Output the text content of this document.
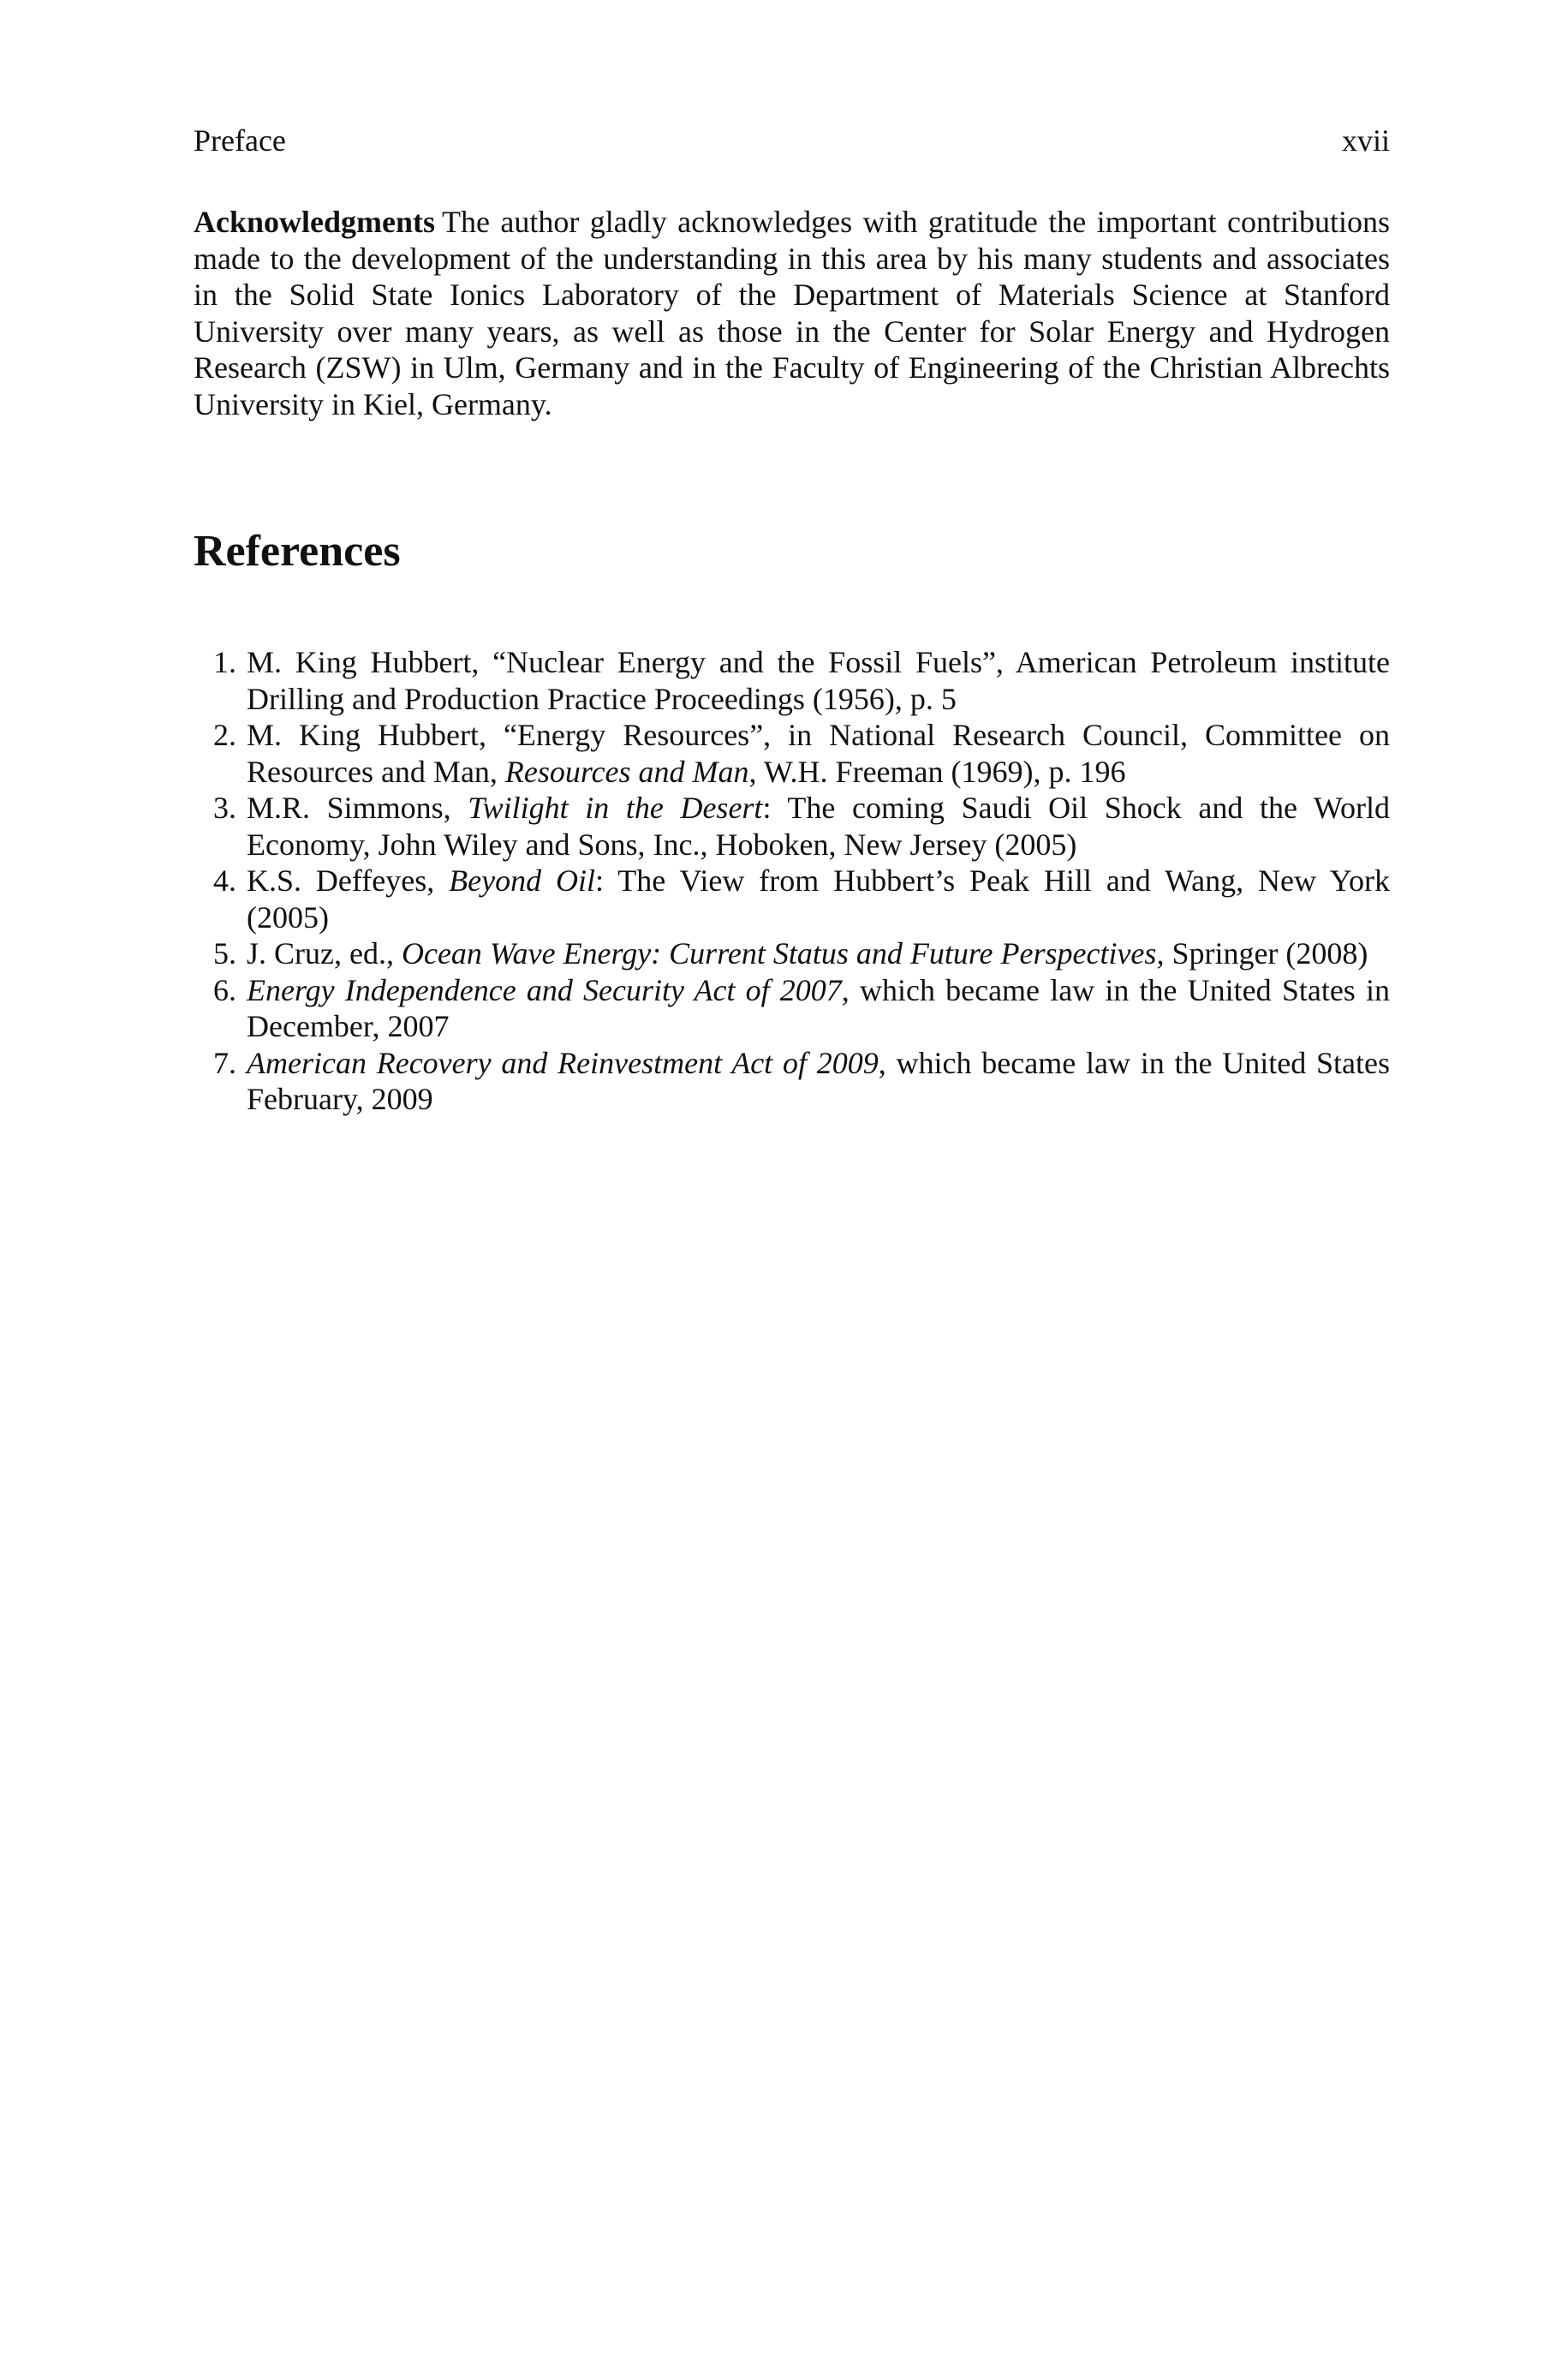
Preface	xvii

Acknowledgments The author gladly acknowledges with gratitude the important contributions made to the development of the understanding in this area by his many students and associates in the Solid State Ionics Laboratory of the Department of Materials Science at Stanford University over many years, as well as those in the Center for Solar Energy and Hydrogen Research (ZSW) in Ulm, Germany and in the Faculty of Engineering of the Christian Albrechts University in Kiel, Germany.

References
1. M. King Hubbert, “Nuclear Energy and the Fossil Fuels”, American Petroleum institute Drilling and Production Practice Proceedings (1956), p. 5
2. M. King Hubbert, “Energy Resources”, in National Research Council, Committee on Resources and Man, Resources and Man, W.H. Freeman (1969), p. 196
3. M.R. Simmons, Twilight in the Desert: The coming Saudi Oil Shock and the World Economy, John Wiley and Sons, Inc., Hoboken, New Jersey (2005)
4. K.S. Deffeyes, Beyond Oil: The View from Hubbert’s Peak Hill and Wang, New York (2005)
5. J. Cruz, ed., Ocean Wave Energy: Current Status and Future Perspectives, Springer (2008)
6. Energy Independence and Security Act of 2007, which became law in the United States in December, 2007
7. American Recovery and Reinvestment Act of 2009, which became law in the United States February, 2009
